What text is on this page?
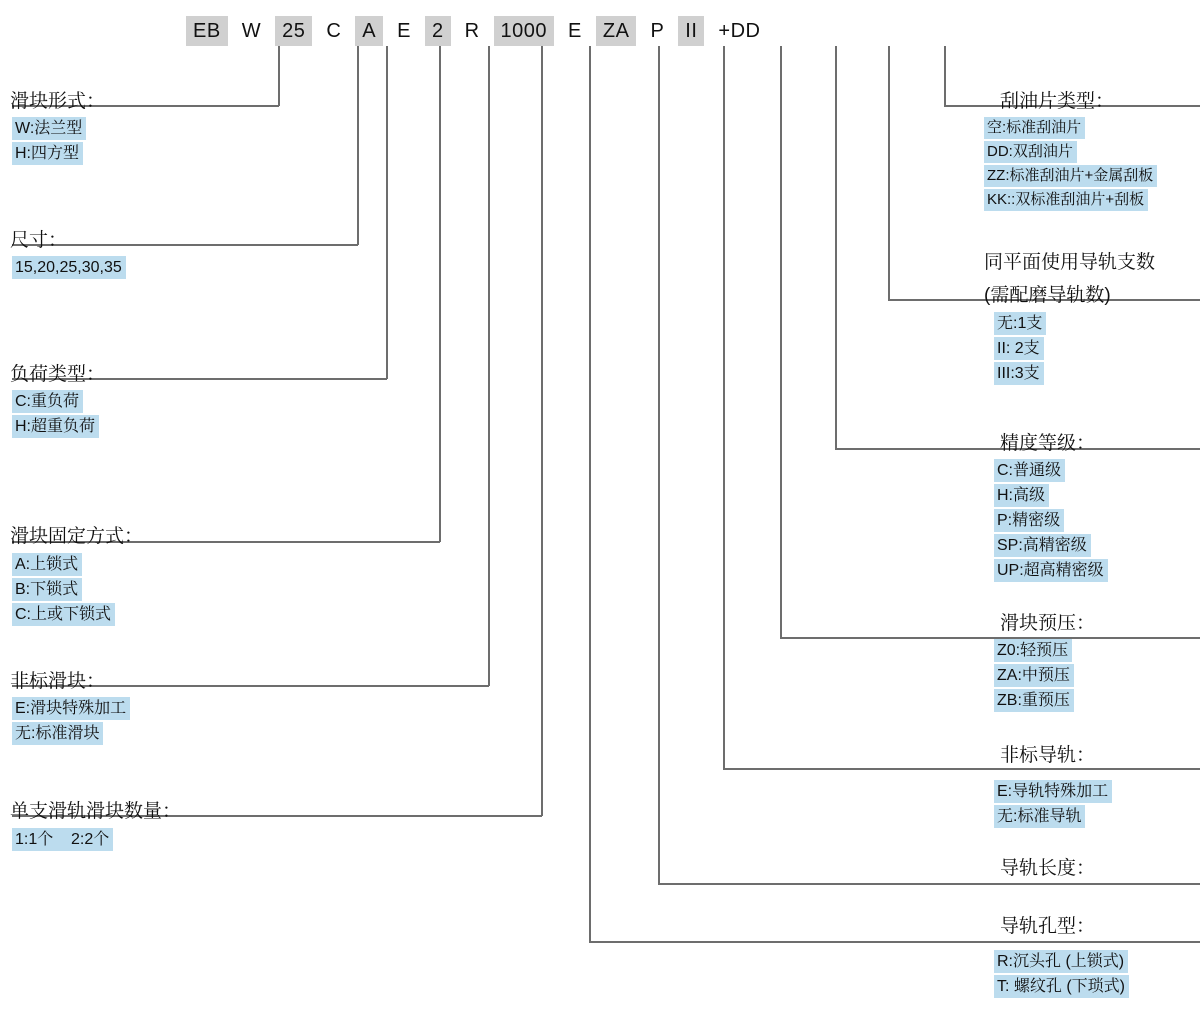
EB	W	25	C	A	E	2	R	1000	E	ZA	P	II	+DD
滑块形式：
W:法兰型
H:四方型
尺寸：
15,20,25,30,35
负荷类型：
C:重负荷
H:超重负荷
滑块固定方式：
A:上锁式
B:下锁式
C:上或下锁式
非标滑块：
E:滑块特殊加工
无:标准滑块
单支滑轨滑块数量：
1:1个    2:2个
刮油片类型：
空:标准刮油片
DD:双刮油片
ZZ:标准刮油片+金属刮板
KK::双标准刮油片+刮板
同平面使用导轨支数
(需配磨导轨数)
无:1支
II: 2支
III:3支
精度等级：
C:普通级
H:高级
P:精密级
SP:高精密级
UP:超高精密级
滑块预压：
Z0:轻预压
ZA:中预压
ZB:重预压
非标导轨：
E:导轨特殊加工
无:标准导轨
导轨长度：
导轨孔型：
R:沉头孔 (上锁式)
T: 螺纹孔 (下琐式)
